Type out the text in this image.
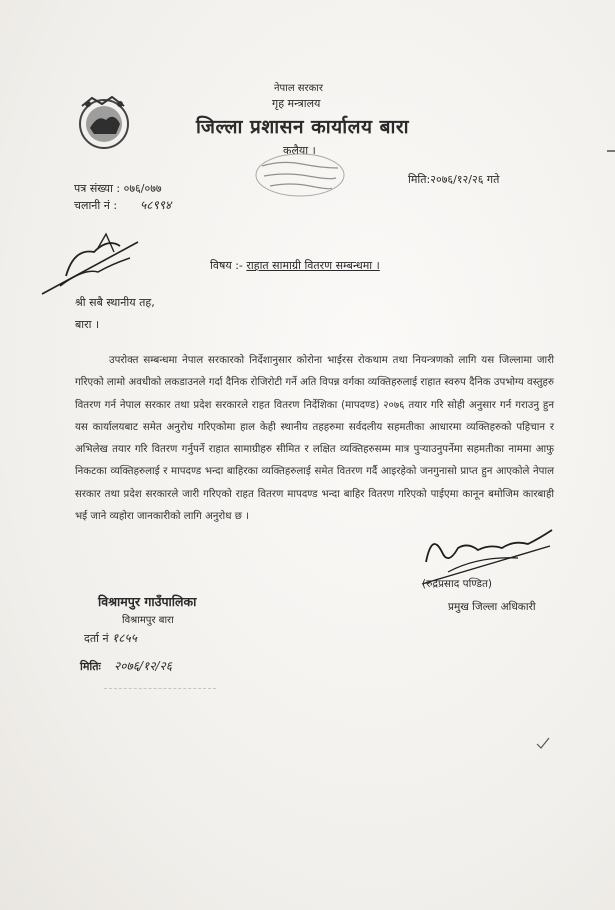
नेपाल सरकार
गृह मन्त्रालय
जिल्ला प्रशासन कार्यालय बारा
कलैया ।
मिति:२०७६/१२/२६ गते
पत्र संख्या : ०७६/०७७
चलानी नं : ५८९९४
विषय :- राहात सामाग्री वितरण सम्बन्धमा ।
श्री सबै स्थानीय तह,
बारा ।

उपरोक्त सम्बन्धमा नेपाल सरकारको निर्देशानुसार कोरोना भाईरस रोकथाम तथा नियन्त्रणको लागि यस जिल्लामा जारी गरिएको लामो अवधीको लकडाउनले गर्दा दैनिक रोजिरोटी गर्ने अति विपन्न वर्गका व्यक्तिहरुलाई राहात स्वरुप दैनिक उपभोग्य वस्तुहरु वितरण गर्न नेपाल सरकार तथा प्रदेश सरकारले राहत वितरण निर्देशिका (मापदण्ड) २०७६ तयार गरि सोही अनुसार गर्न गराउनु हुन यस कार्यालयबाट समेत अनुरोध गरिएकोमा हाल केही स्थानीय तहहरुमा सर्वदलीय सहमतीका आधारमा व्यक्तिहरुको पहिचान र अभिलेख तयार गरि वितरण गर्नुपर्ने राहात सामाग्रीहरु सीमित र लक्षित व्यक्तिहरुसम्म मात्र पुर्‍याउनुपर्नेमा सहमतीका नाममा आफु निकटका व्यक्तिहरुलाई र मापदण्ड भन्दा बाहिरका व्यक्तिहरुलाई समेत वितरण गर्दै आइरहेको जनगुनासो प्राप्त हुन आएकोले नेपाल सरकार तथा प्रदेश सरकारले जारी गरिएको राहत वितरण मापदण्ड भन्दा बाहिर वितरण गरिएको पाईएमा कानून बमोजिम कारबाही भई जाने व्यहोरा जानकारीको लागि अनुरोध छ ।

(रुद्रप्रसाद पण्डित)
प्रमुख जिल्ला अधिकारी
विश्रामपुर गाउँपालिका
विश्रामपुर बारा
दर्ता नं १८५५
मितिः २०७६/१२/२६
